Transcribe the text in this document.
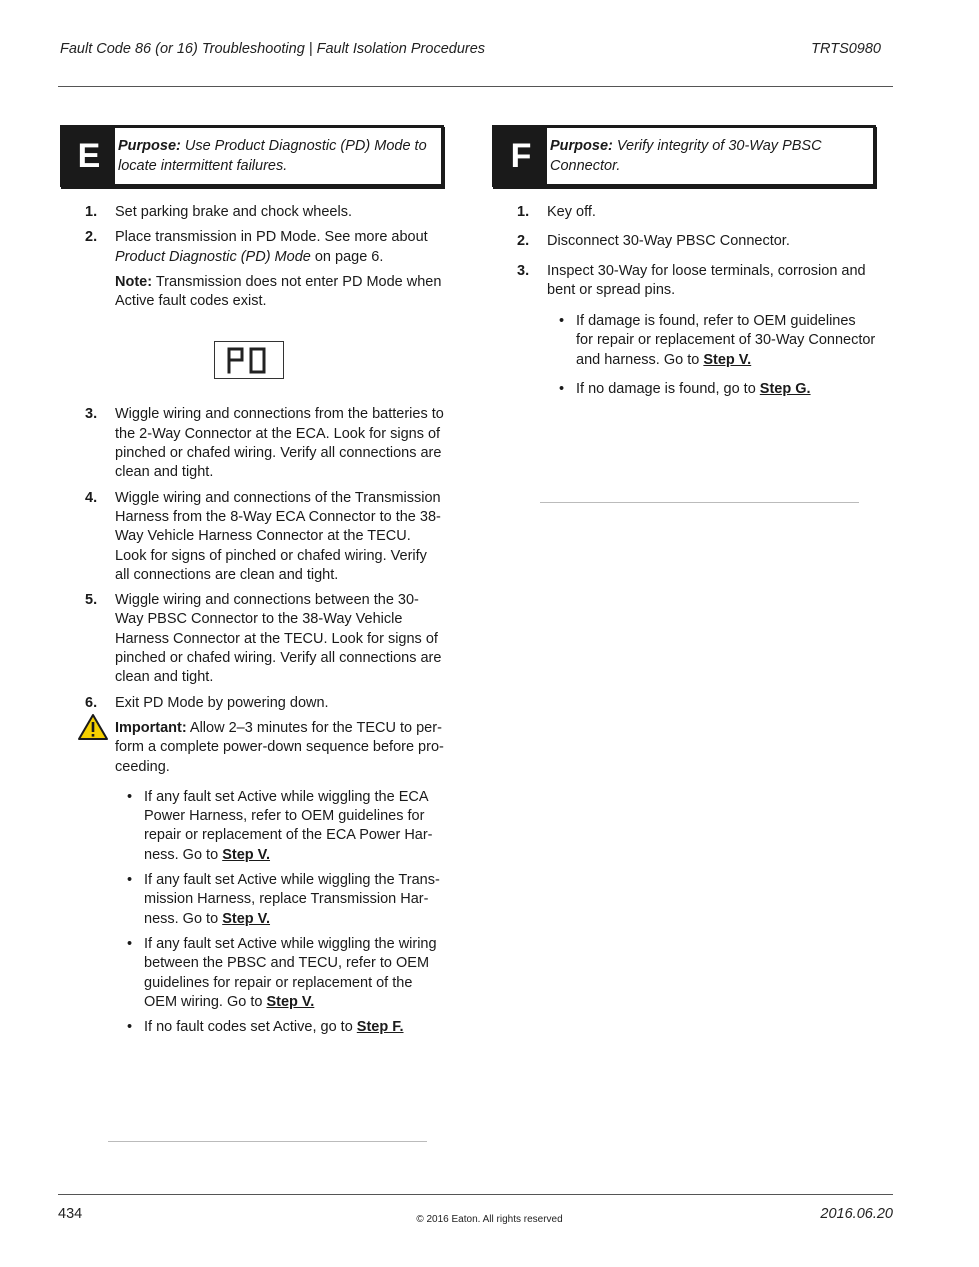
Fault Code 86 (or 16) Troubleshooting | Fault Isolation Procedures	TRTS0980
E	Purpose: Use Product Diagnostic (PD) Mode to locate intermittent failures.
1. Set parking brake and chock wheels.
2. Place transmission in PD Mode. See more about Product Diagnostic (PD) Mode on page 6.
Note: Transmission does not enter PD Mode when Active fault codes exist.
3. Wiggle wiring and connections from the batteries to the 2-Way Connector at the ECA. Look for signs of pinched or chafed wiring. Verify all connections are clean and tight.
4. Wiggle wiring and connections of the Transmission Harness from the 8-Way ECA Connector to the 38-Way Vehicle Harness Connector at the TECU. Look for signs of pinched or chafed wiring. Verify all connections are clean and tight.
5. Wiggle wiring and connections between the 30-Way PBSC Connector to the 38-Way Vehicle Harness Connector at the TECU. Look for signs of pinched or chafed wiring. Verify all connections are clean and tight.
6. Exit PD Mode by powering down.
Important: Allow 2–3 minutes for the TECU to per-form a complete power-down sequence before pro-ceeding.
• If any fault set Active while wiggling the ECA Power Harness, refer to OEM guidelines for repair or replacement of the ECA Power Har-ness. Go to Step V.
• If any fault set Active while wiggling the Trans-mission Harness, replace Transmission Har-ness. Go to Step V.
• If any fault set Active while wiggling the wiring between the PBSC and TECU, refer to OEM guidelines for repair or replacement of the OEM wiring. Go to Step V.
• If no fault codes set Active, go to Step F.
F	Purpose: Verify integrity of 30-Way PBSC Connector.
1. Key off.
2. Disconnect 30-Way PBSC Connector.
3. Inspect 30-Way for loose terminals, corrosion and bent or spread pins.
• If damage is found, refer to OEM guidelines for repair or replacement of 30-Way Connector and harness. Go to Step V.
• If no damage is found, go to Step G.
434	© 2016 Eaton. All rights reserved	2016.06.20
